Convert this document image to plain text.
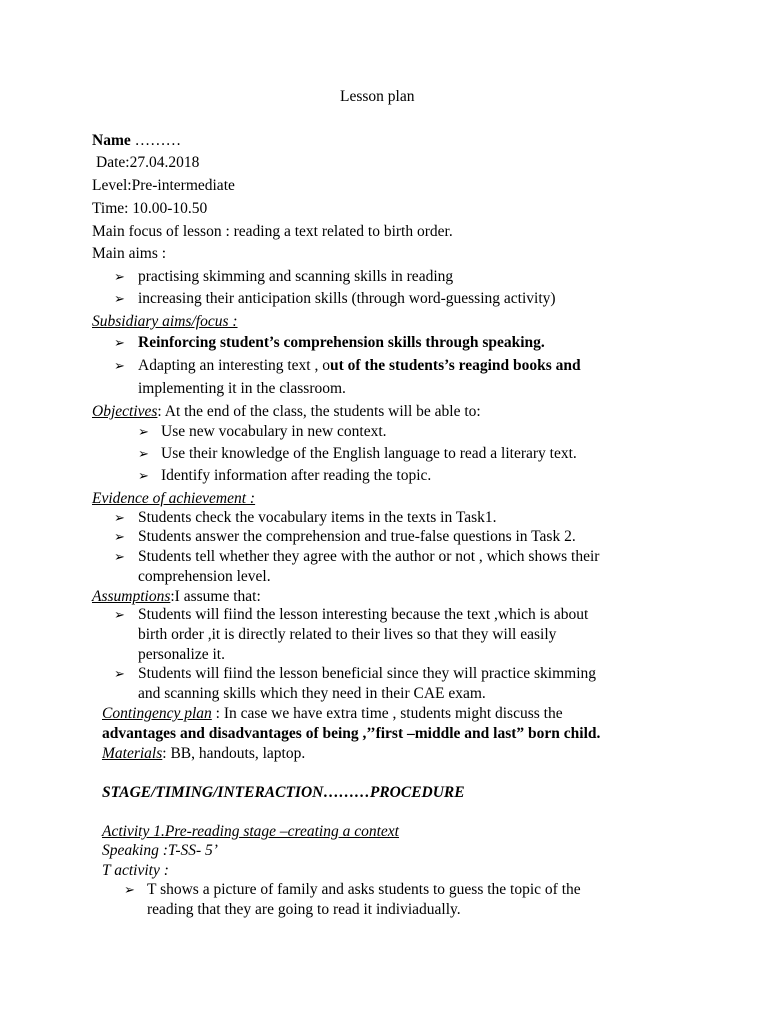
Lesson plan
Name ………
Date:27.04.2018
Level:Pre-intermediate
Time: 10.00-10.50
Main focus of lesson : reading a text related to birth order.
Main aims :
➢ practising skimming and scanning skills in reading
➢ increasing their anticipation skills (through word-guessing activity)
Subsidiary aims/focus :
➢ Reinforcing student’s comprehension skills through speaking.
➢ Adapting an interesting text , out of the students’s reagind books and
implementing it in the classroom.
Objectives: At the end of the class, the students will be able to:
➢ Use new vocabulary in new context.
➢ Use their knowledge of the English language to read a literary text.
➢ Identify information after reading the topic.
Evidence of achievement :
➢ Students check the vocabulary items in the texts in Task1.
➢ Students answer the comprehension and true-false questions in Task 2.
➢ Students tell whether they agree with the author or not , which shows their
comprehension level.
Assumptions:I assume that:
➢ Students will fiind the lesson interesting because the text ,which is about
birth order ,it is directly related to their lives so that they will easily
personalize it.
➢ Students will fiind the lesson beneficial since they will practice skimming
and scanning skills which they need in their CAE exam.
Contingency plan : In case we have extra time , students might discuss the
advantages and disadvantages of being ,’’first –middle and last” born child.
Materials: BB, handouts, laptop.
STAGE/TIMING/INTERACTION………PROCEDURE
Activity 1.Pre-reading stage –creating a context
Speaking :T-SS- 5’
T activity :
➢ T shows a picture of family and asks students to guess the topic of the
reading that they are going to read it indiviadually.
